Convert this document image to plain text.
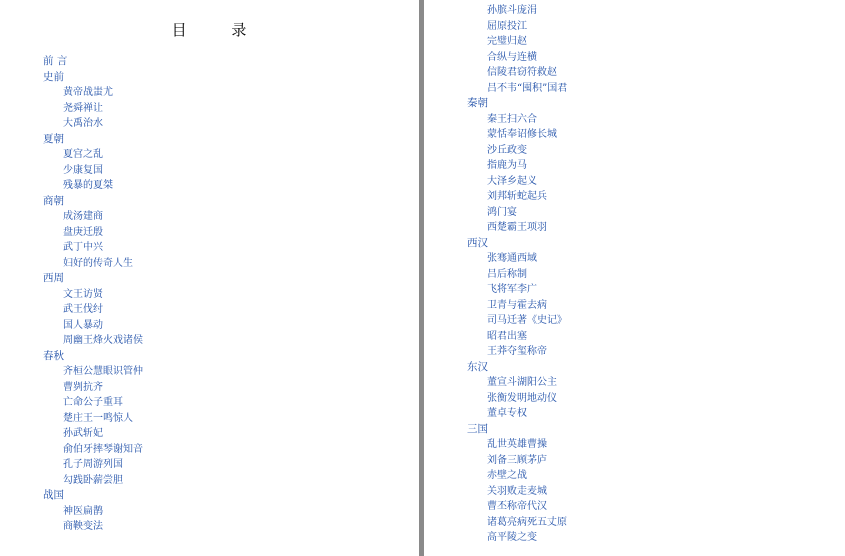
目 录
前 言
史前
黄帝战蚩尤
尧舜禅让
大禹治水
夏朝
夏宫之乱
少康复国
残暴的夏桀
商朝
成汤建商
盘庚迁殷
武丁中兴
妇好的传奇人生
西周
文王访贤
武王伐纣
国人暴动
周幽王烽火戏诸侯
春秋
齐桓公慧眼识管仲
曹刿抗齐
亡命公子重耳
楚庄王一鸣惊人
孙武斩妃
俞伯牙摔琴谢知音
孔子周游列国
勾践卧薪尝胆
战国
神医扁鹊
商鞅变法
孙膑斗庞涓
屈原投江
完璧归赵
合纵与连横
信陵君窃符救赵
吕不韦“囤积”国君
秦朝
秦王扫六合
蒙恬奉诏修长城
沙丘政变
指鹿为马
大泽乡起义
刘邦斩蛇起兵
鸿门宴
西楚霸王项羽
西汉
张骞通西域
吕后称制
飞将军李广
卫青与霍去病
司马迁著《史记》
昭君出塞
王莽夺玺称帝
东汉
董宣斗湖阳公主
张衡发明地动仪
董卓专权
三国
乱世英雄曹操
刘备三顾茅庐
赤壁之战
关羽败走麦城
曹丕称帝代汉
诸葛亮病死五丈原
高平陵之变
